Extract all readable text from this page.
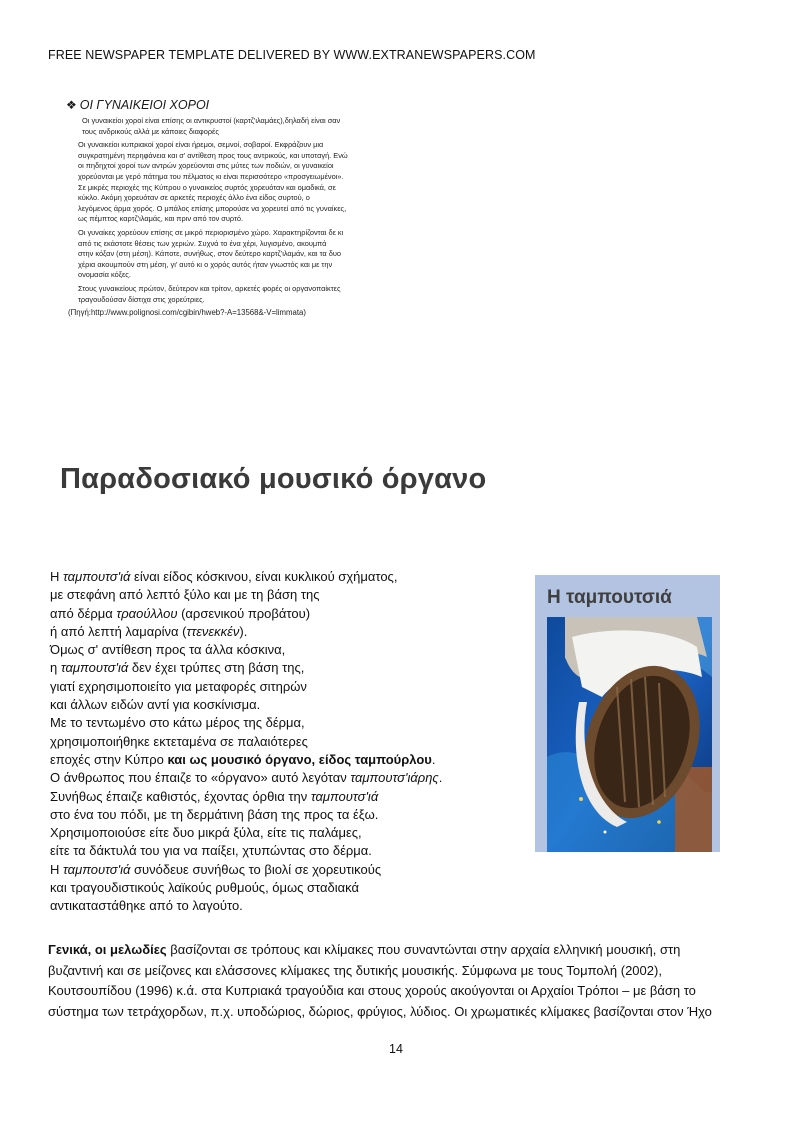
FREE NEWSPAPER TEMPLATE DELIVERED BY WWW.EXTRANEWSPAPERS.COM
❖ ΟΙ ΓΥΝΑΙΚΕΙΟΙ ΧΟΡΟΙ

Οι γυναικείοι χοροί είναι επίσης οι αντικρυστοί (καρτζ'ιλαμάες),δηλαδή είναι σαν
τους ανδρικούς αλλά με κάποιες διαφορές

Οι γυναικείοι κυπριακοί χοροί είναι ήρεμοι, σεμνοί, σοβαροί. Εκφράζουν μια
συγκρατημένη περηφάνεια και σ' αντίθεση προς τους αντρικούς, και υποταγή. Ενώ
οι πηδηχτοί χοροί των αντρών χορεύονται στις μύτες των ποδιών, οι γυναικείοι
χορεύονται με γερό πάτημα του πέλματος κι είναι περισσότερο «προσγειωμένοι».
Σε μικρές περιοχές της Κύπρου ο γυναικείος συρτός χορευόταν και ομαδικά, σε
κύκλο. Ακόμη χορευόταν σε αρκετές περιοχές άλλο ένα είδος συρτού, ο
λεγόμενος άρμα χορός. Ο μπάλος επίσης μπορούσε να χορευτεί από τις γυναίκες,
ως πέμπτος καρτζ'ιλαμάς, και πριν από τον συρτό.

Οι γυναίκες χορεύουν επίσης σε μικρό περιορισμένο χώρο. Χαρακτηρίζονται δε κι
από τις εκάστοτε θέσεις των χεριών. Συχνά το ένα χέρι, λυγισμένο, ακουμπά
στην κόξαν (στη μέση). Κάποτε, συνήθως, στον δεύτερο καρτζ'ιλαμάν, και τα δυο
χέρια ακουμπούν στη μέση, γι' αυτό κι ο χορός αυτός ήταν γνωστός και με την
ονομασία κόξες.

Στους γυναικείους πρώτον, δεύτερον και τρίτον, αρκετές φορές οι οργανοπαίκτες
τραγουδούσαν δίστιχα στις χορεύτριες.

(Πηγή:http://www.polignosi.com/cgibin/hweb?-A=13568&-V=limmata)

Παραδοσιακό μουσικό όργανο
Η ταμπουτσ'ιά είναι είδος κόσκινου, είναι κυκλικού σχήματος,
με στεφάνη από λεπτό ξύλο και με τη βάση της
από δέρμα τραούλλου (αρσενικού προβάτου)
ή από λεπτή λαμαρίνα (ττενεκκέν).
Όμως σ' αντίθεση προς τα άλλα κόσκινα,
η ταμπουτσ'ιά δεν έχει τρύπες στη βάση της,
γιατί εχρησιμοποιείτο για μεταφορές σιτηρών
και άλλων ειδών αντί για κοσκίνισμα.
Με το τεντωμένο στο κάτω μέρος της δέρμα,
χρησιμοποιήθηκε εκτεταμένα σε παλαιότερες
εποχές στην Κύπρο και ως μουσικό όργανο, είδος ταμπούρλου.
Ο άνθρωπος που έπαιζε το «όργανο» αυτό λεγόταν ταμπουτσ'ιάρης.
Συνήθως έπαιζε καθιστός, έχοντας όρθια την ταμπουτσ'ιά
στο ένα του πόδι, με τη δερμάτινη βάση της προς τα έξω.
Χρησιμοποιούσε είτε δυο μικρά ξύλα, είτε τις παλάμες,
είτε τα δάκτυλά του για να παίξει, χτυπώντας στο δέρμα.
Η ταμπουτσ'ιά συνόδευε συνήθως το βιολί σε χορευτικούς
και τραγουδιστικούς λαϊκούς ρυθμούς, όμως σταδιακά
αντικαταστάθηκε από το λαγούτο.
Η ταμπουτσιά
Γενικά, οι μελωδίες βασίζονται σε τρόπους και κλίμακες που συναντώνται στην αρχαία ελληνική μουσική, στη
βυζαντινή και σε μείζονες και ελάσσονες κλίμακες της δυτικής μουσικής. Σύμφωνα με τους Τομπολή (2002),
Κουτσουπίδου (1996) κ.ά. στα Κυπριακά τραγούδια και στους χορούς ακούγονται οι Αρχαίοι Τρόποι – με βάση το
σύστημα των τετράχορδων, π.χ. υποδώριος, δώριος, φρύγιος, λύδιος. Οι χρωματικές κλίμακες βασίζονται στον Ήχο
14
